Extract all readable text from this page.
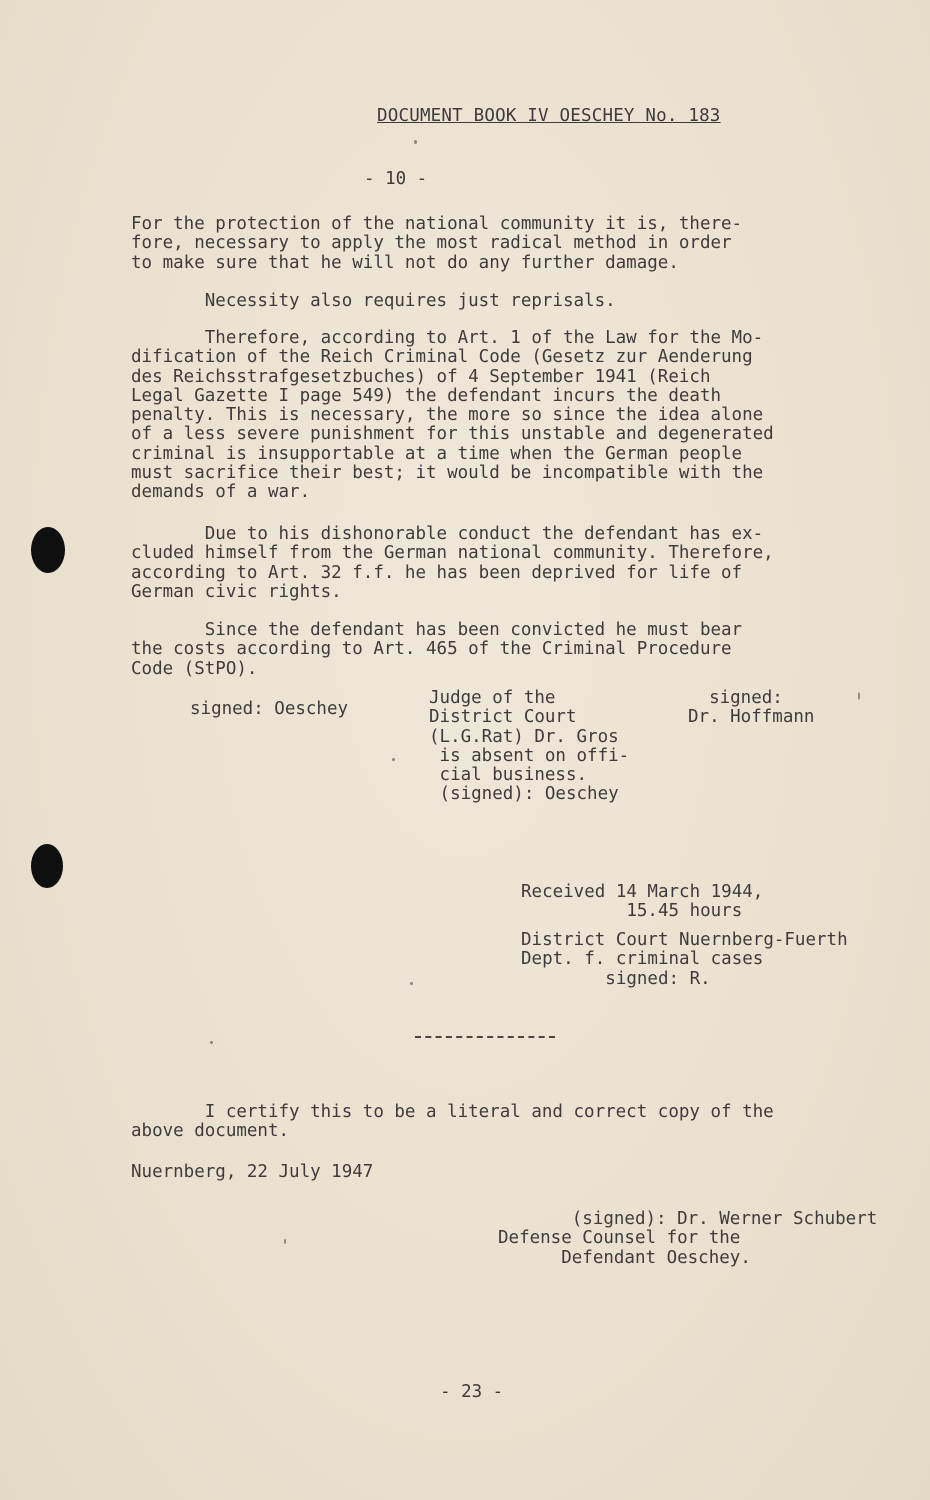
DOCUMENT BOOK IV OESCHEY No. 183
- 10 -
For the protection of the national community it is, there-
fore, necessary to apply the most radical method in order
to make sure that he will not do any further damage.
Necessity also requires just reprisals.
Therefore, according to Art. 1 of the Law for the Mo-
dification of the Reich Criminal Code (Gesetz zur Aenderung
des Reichsstrafgesetzbuches) of 4 September 1941 (Reich
Legal Gazette I page 549) the defendant incurs the death
penalty. This is necessary, the more so since the idea alone
of a less severe punishment for this unstable and degenerated
criminal is insupportable at a time when the German people
must sacrifice their best; it would be incompatible with the
demands of a war.
Due to his dishonorable conduct the defendant has ex-
cluded himself from the German national community. Therefore,
according to Art. 32 f.f. he has been deprived for life of
German civic rights.
Since the defendant has been convicted he must bear
the costs according to Art. 465 of the Criminal Procedure
Code (StPO).
signed: Oeschey
Judge of the
District Court
(L.G.Rat) Dr. Gros
is absent on offi-
cial business.
(signed): Oeschey
signed:
Dr. Hoffmann
Received 14 March 1944,
15.45 hours
District Court Nuernberg-Fuerth
Dept. f. criminal cases
signed: R.
I certify this to be a literal and correct copy of the
above document.
Nuernberg, 22 July 1947
(signed): Dr. Werner Schubert
Defense Counsel for the
Defendant Oeschey.
- 23 -
